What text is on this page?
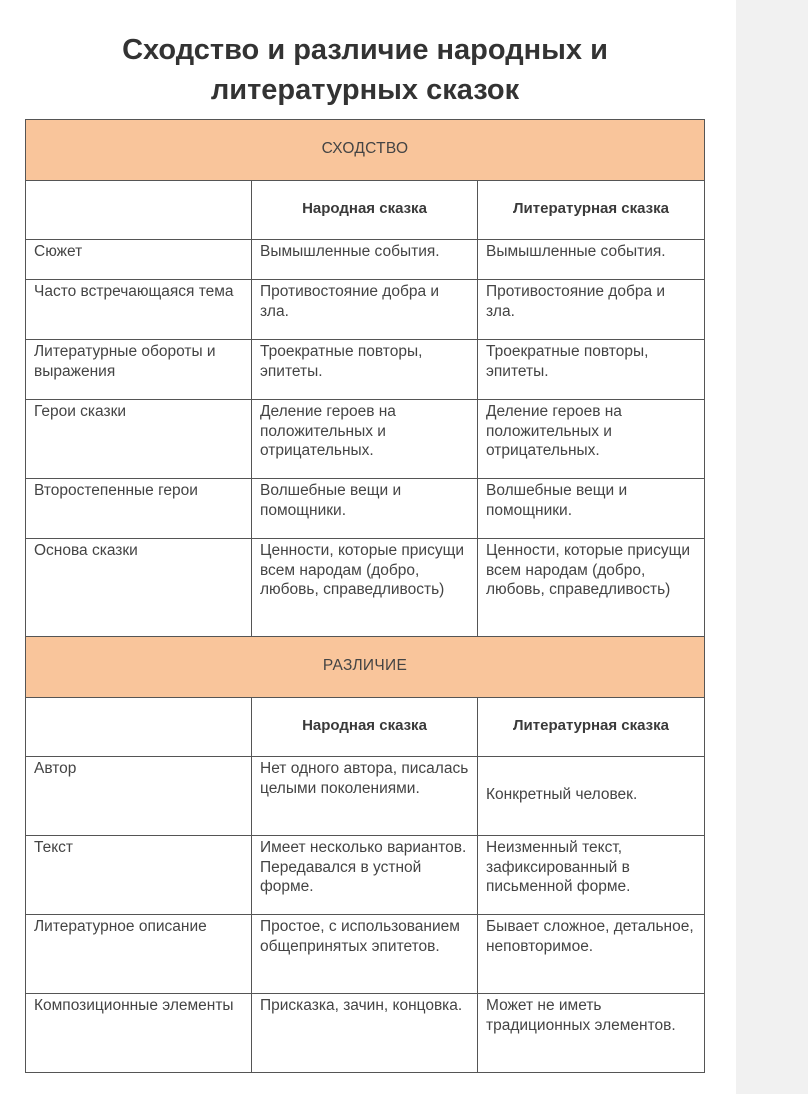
Сходство и различие народных и
литературных сказок
СХОДСТВО		
	Народная сказка	Литературная сказка
Сюжет	Вымышленные события.	Вымышленные события.
Часто встречающаяся тема	Противостояние добра и зла.	Противостояние добра и зла.
Литературные обороты и выражения	Троекратные повторы, эпитеты.	Троекратные повторы, эпитеты.
Герои сказки	Деление героев на положительных и отрицательных.	Деление героев на положительных и отрицательных.
Второстепенные герои	Волшебные вещи и помощники.	Волшебные вещи и помощники.
Основа сказки	Ценности, которые присущи всем народам (добро, любовь, справедливость)	Ценности, которые присущи всем народам (добро, любовь, справедливость)
РАЗЛИЧИЕ		
	Народная сказка	Литературная сказка
Автор	Нет одного автора, писалась целыми поколениями.	Конкретный человек.
Текст	Имеет несколько вариантов. Передавался в устной форме.	Неизменный текст, зафиксированный в письменной форме.
Литературное описание	Простое, с использованием общепринятых эпитетов.	Бывает сложное, детальное, неповторимое.
Композиционные элементы	Присказка, зачин, концовка.	Может не иметь традиционных элементов.
